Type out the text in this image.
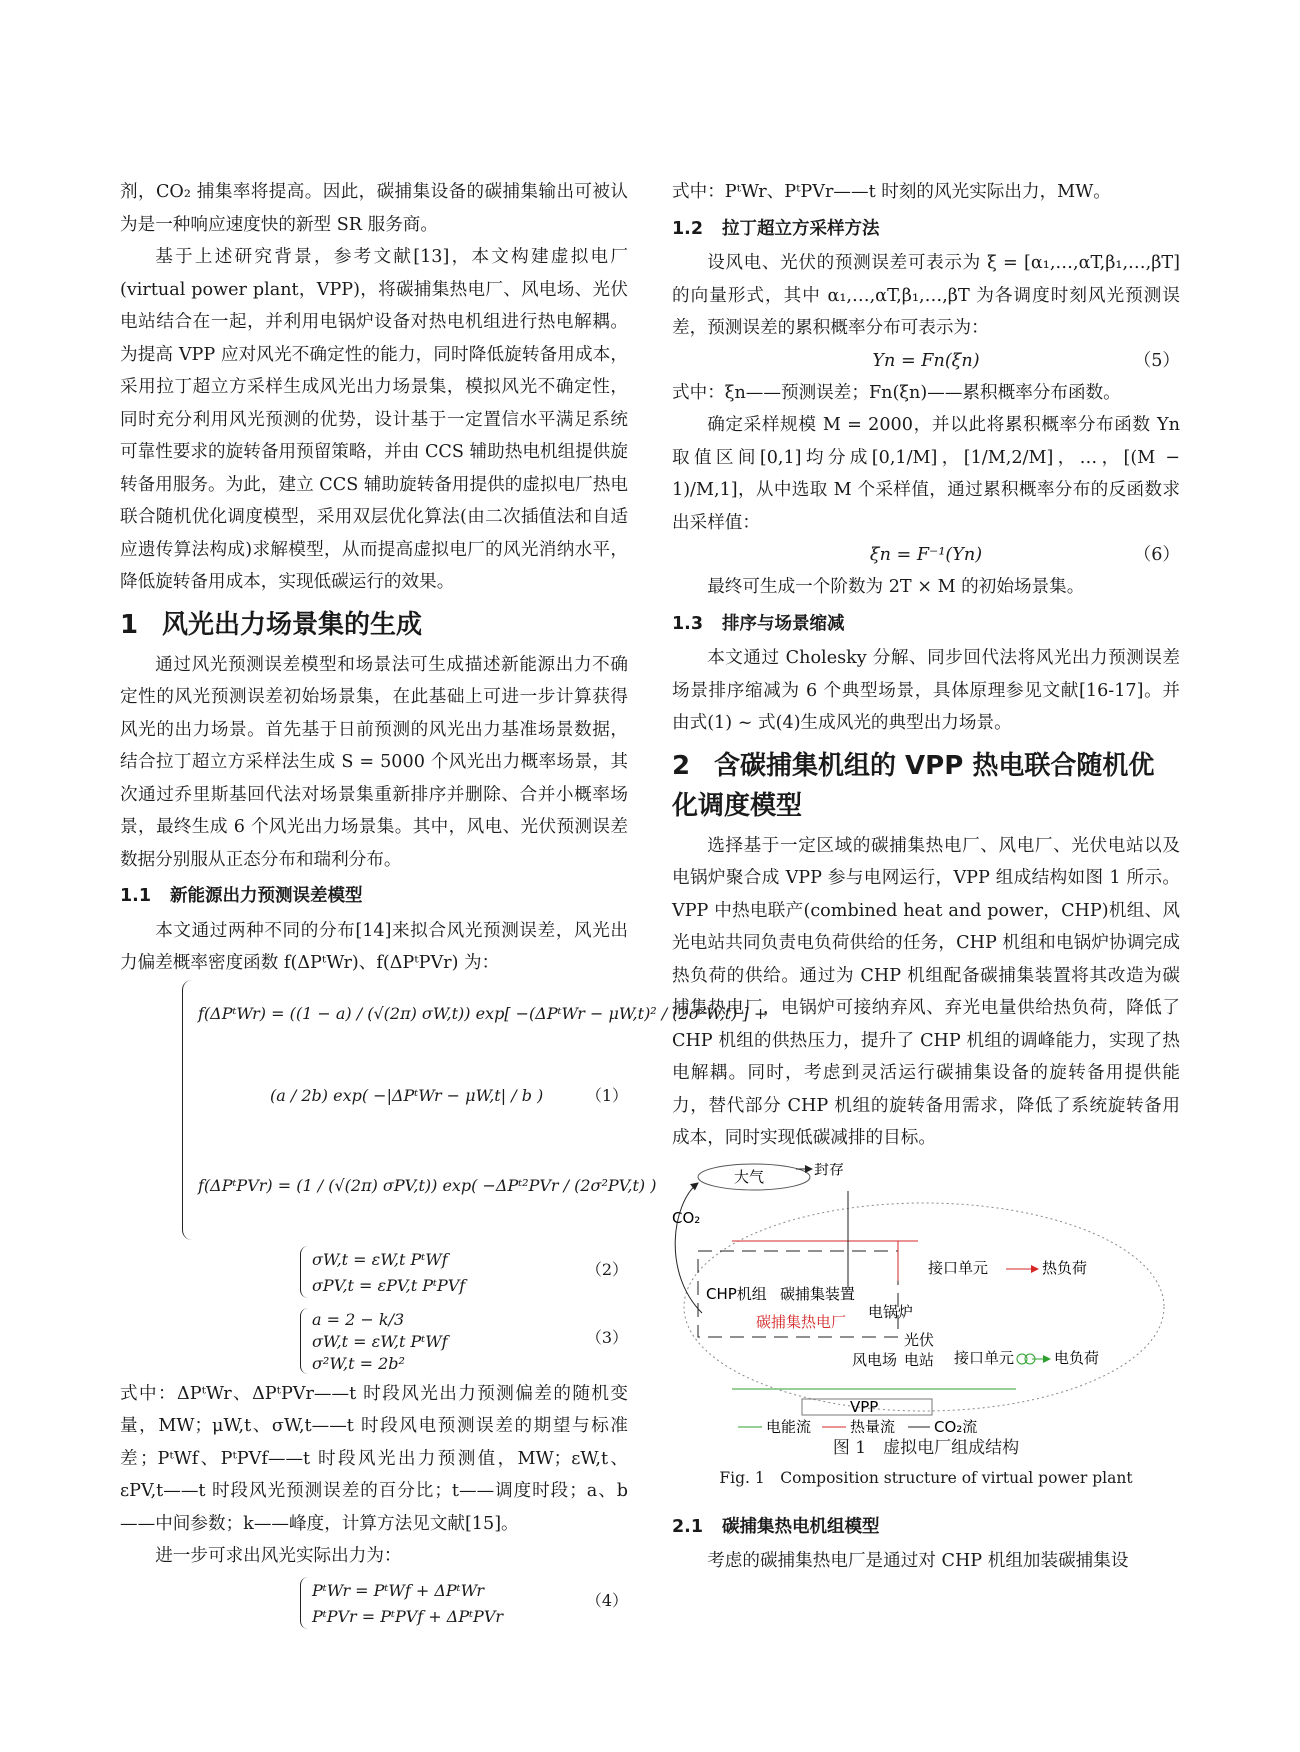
剂，CO₂ 捕集率将提高。因此，碳捕集设备的碳捕集输出可被认为是一种响应速度快的新型 SR 服务商。

基于上述研究背景，参考文献[13]，本文构建虚拟电厂(virtual power plant，VPP)，将碳捕集热电厂、风电场、光伏电站结合在一起，并利用电锅炉设备对热电机组进行热电解耦。为提高 VPP 应对风光不确定性的能力，同时降低旋转备用成本，采用拉丁超立方采样生成风光出力场景集，模拟风光不确定性，同时充分利用风光预测的优势，设计基于一定置信水平满足系统可靠性要求的旋转备用预留策略，并由 CCS 辅助热电机组提供旋转备用服务。为此，建立 CCS 辅助旋转备用提供的虚拟电厂热电联合随机优化调度模型，采用双层优化算法(由二次插值法和自适应遗传算法构成)求解模型，从而提高虚拟电厂的风光消纳水平，降低旋转备用成本，实现低碳运行的效果。

1 风光出力场景集的生成

通过风光预测误差模型和场景法可生成描述新能源出力不确定性的风光预测误差初始场景集，在此基础上可进一步计算获得风光的出力场景。首先基于日前预测的风光出力基准场景数据，结合拉丁超立方采样法生成 S = 5000 个风光出力概率场景，其次通过乔里斯基回代法对场景集重新排序并删除、合并小概率场景，最终生成 6 个风光出力场景集。其中，风电、光伏预测误差数据分别服从正态分布和瑞利分布。

1.1 新能源出力预测误差模型

本文通过两种不同的分布[14]来拟合风光预测误差，风光出力偏差概率密度函数 f(ΔPᵗWr)、f(ΔPᵗPVr) 为：

f(ΔPᵗWr) = ((1 − a) / (√(2π) σW,t)) exp[ −(ΔPᵗWr − μW,t)² / (2σ²W,t) ] +
(a / 2b) exp( −|ΔPᵗWr − μW,t| / b )
f(ΔPᵗPVr) = (1 / (√(2π) σPV,t)) exp( −ΔPᵗ²PVr / (2σ²PV,t) )
（1）
σW,t = εW,t PᵗWf
σPV,t = εPV,t PᵗPVf
（2）
a = 2 − k/3
σW,t = εW,t PᵗWf
σ²W,t = 2b²
（3）

式中：ΔPᵗWr、ΔPᵗPVr——t 时段风光出力预测偏差的随机变量，MW；μW,t、σW,t——t 时段风电预测误差的期望与标准差；PᵗWf、PᵗPVf——t 时段风光出力预测值，MW；εW,t、εPV,t——t 时段风光预测误差的百分比；t——调度时段；a、b——中间参数；k——峰度，计算方法见文献[15]。

进一步可求出风光实际出力为：

PᵗWr = PᵗWf + ΔPᵗWr
PᵗPVr = PᵗPVf + ΔPᵗPVr
（4）

式中：PᵗWr、PᵗPVr——t 时刻的风光实际出力，MW。

1.2 拉丁超立方采样方法

设风电、光伏的预测误差可表示为 ξ = [α₁,…,αT,β₁,…,βT] 的向量形式，其中 α₁,…,αT,β₁,…,βT 为各调度时刻风光预测误差，预测误差的累积概率分布可表示为：

Yn = Fn(ξn)	（5）

式中：ξn——预测误差；Fn(ξn)——累积概率分布函数。

确定采样规模 M = 2000，并以此将累积概率分布函数 Yn 取值区间[0,1]均分成[0,1/M]，[1/M,2/M]，…，[(M − 1)/M,1]，从中选取 M 个采样值，通过累积概率分布的反函数求出采样值：

ξn = F⁻¹(Yn)	（6）

最终可生成一个阶数为 2T × M 的初始场景集。

1.3 排序与场景缩减

本文通过 Cholesky 分解、同步回代法将风光出力预测误差场景排序缩减为 6 个典型场景，具体原理参见文献[16-17]。并由式(1) ~ 式(4)生成风光的典型出力场景。

2 含碳捕集机组的 VPP 热电联合随机优化调度模型

选择基于一定区域的碳捕集热电厂、风电厂、光伏电站以及电锅炉聚合成 VPP 参与电网运行，VPP 组成结构如图 1 所示。VPP 中热电联产(combined heat and power，CHP)机组、风光电站共同负责电负荷供给的任务，CHP 机组和电锅炉协调完成热负荷的供给。通过为 CHP 机组配备碳捕集装置将其改造为碳捕集热电厂，电锅炉可接纳弃风、弃光电量供给热负荷，降低了 CHP 机组的供热压力，提升了 CHP 机组的调峰能力，实现了热电解耦。同时，考虑到灵活运行碳捕集设备的旋转备用提供能力，替代部分 CHP 机组的旋转备用需求，降低了系统旋转备用成本，同时实现低碳减排的目标。

大气	封存
CO₂
CHP机组 碳捕集装置
碳捕集热电厂
电锅炉
光伏
风电场 电站
接口单元	热负荷
接口单元	电负荷
VPP
电能流	热量流	CO₂流
图 1　虚拟电厂组成结构
Fig. 1　Composition structure of virtual power plant
2.1 碳捕集热电机组模型

考虑的碳捕集热电厂是通过对 CHP 机组加装碳捕集设
